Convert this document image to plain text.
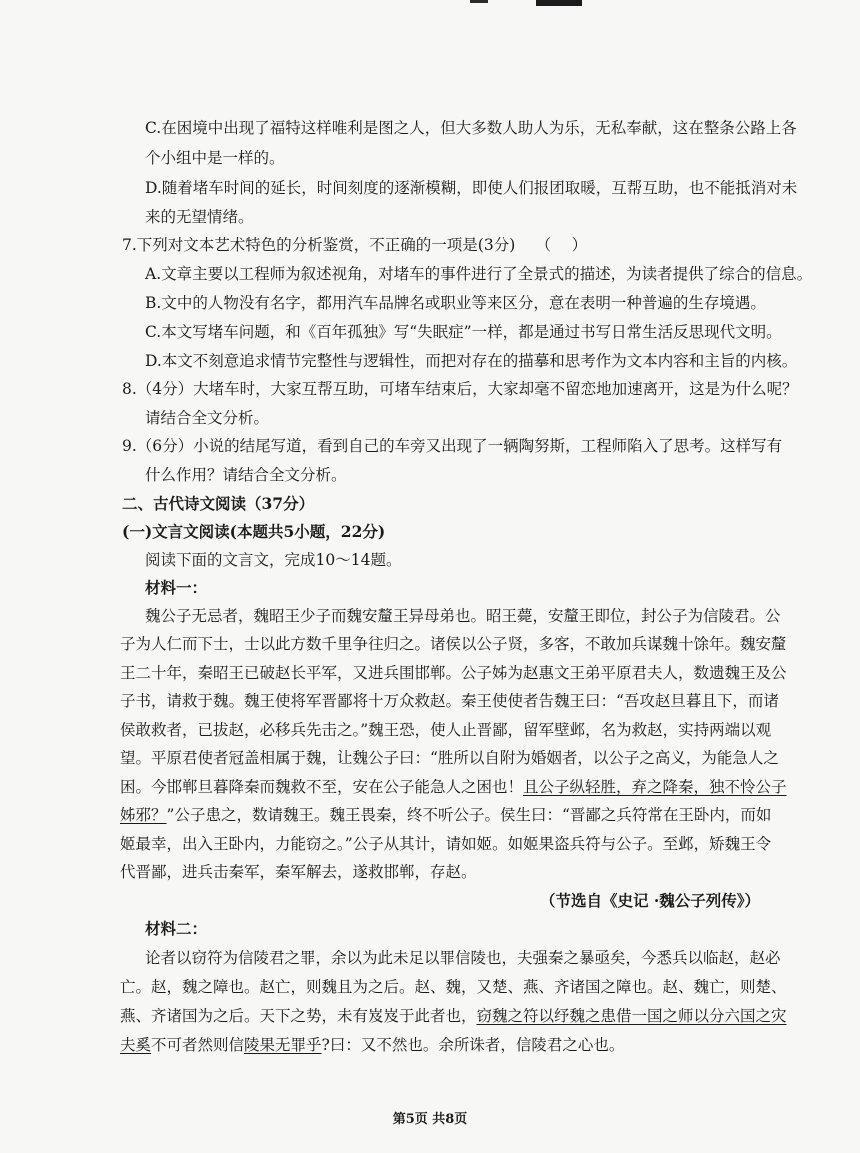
C.在困境中出现了福特这样唯利是图之人，但大多数人助人为乐，无私奉献，这在整条公路上各
个小组中是一样的。
D.随着堵车时间的延长，时间刻度的逐渐模糊，即使人们报团取暖，互帮互助，也不能抵消对未
来的无望情绪。
7.下列对文本艺术特色的分析鉴赏，不正确的一项是(3分)　 （　 ）
A.文章主要以工程师为叙述视角，对堵车的事件进行了全景式的描述，为读者提供了综合的信息。
B.文中的人物没有名字，都用汽车品牌名或职业等来区分，意在表明一种普遍的生存境遇。
C.本文写堵车问题，和《百年孤独》写“失眠症”一样，都是通过书写日常生活反思现代文明。
D.本文不刻意追求情节完整性与逻辑性，而把对存在的描摹和思考作为文本内容和主旨的内核。
8.（4分）大堵车时，大家互帮互助，可堵车结束后，大家却毫不留恋地加速离开，这是为什么呢？
请结合全文分析。
9.（6分）小说的结尾写道，看到自己的车旁又出现了一辆陶努斯，工程师陷入了思考。这样写有
什么作用？请结合全文分析。
二、古代诗文阅读（37分）
(一)文言文阅读(本题共5小题，22分)
阅读下面的文言文，完成10～14题。
材料一：
魏公子无忌者，魏昭王少子而魏安釐王异母弟也。昭王薨，安釐王即位，封公子为信陵君。公
子为人仁而下士，士以此方数千里争往归之。诸侯以公子贤，多客，不敢加兵谋魏十馀年。魏安釐
王二十年，秦昭王已破赵长平军，又进兵围邯郸。公子姊为赵惠文王弟平原君夫人，数遗魏王及公
子书，请救于魏。魏王使将军晋鄙将十万众救赵。秦王使使者告魏王曰：“吾攻赵旦暮且下，而诸
侯敢救者，已拔赵，必移兵先击之。”魏王恐，使人止晋鄙，留军壁邺，名为救赵，实持两端以观
望。平原君使者冠盖相属于魏，让魏公子曰：“胜所以自附为婚姻者，以公子之高义，为能急人之
困。今邯郸旦暮降秦而魏救不至，安在公子能急人之困也！且公子纵轻胜，弃之降秦，独不怜公子
姊邪？”公子患之，数请魏王。魏王畏秦，终不听公子。侯生曰：“晋鄙之兵符常在王卧内，而如
姬最幸，出入王卧内，力能窃之。”公子从其计，请如姬。如姬果盗兵符与公子。至邺，矫魏王令
代晋鄙，进兵击秦军，秦军解去，遂救邯郸，存赵。
（节选自《史记 ·魏公子列传》）
材料二：
论者以窃符为信陵君之罪，余以为此未足以罪信陵也，夫强秦之暴亟矣，今悉兵以临赵，赵必
亡。赵，魏之障也。赵亡，则魏且为之后。赵、魏，又楚、燕、齐诸国之障也。赵、魏亡，则楚、
燕、齐诸国为之后。天下之势，未有岌岌于此者也，窃魏之符以纾魏之患借一国之师以分六国之灾
夫奚不可者然则信陵果无罪乎?曰：又不然也。余所诛者，信陵君之心也。
第5页 共8页
